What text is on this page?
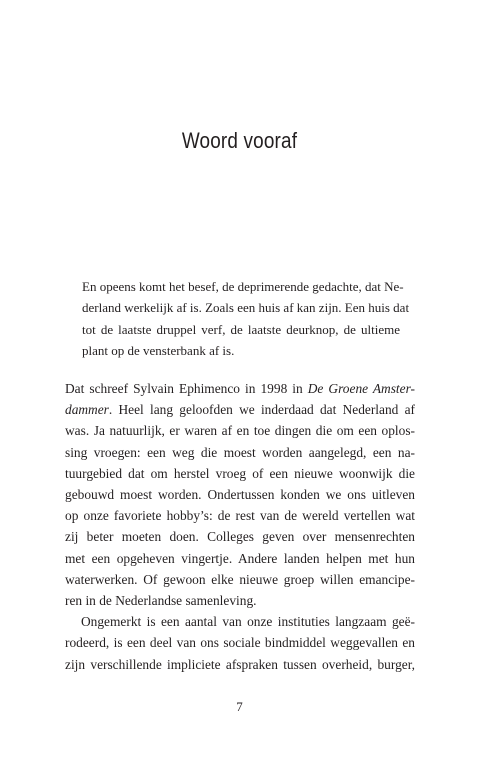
Woord vooraf
En opeens komt het besef, de deprimerende gedachte, dat Ne-
derland werkelijk af is. Zoals een huis af kan zijn. Een huis dat
tot de laatste druppel verf, de laatste deurknop, de ultieme
plant op de vensterbank af is.
Dat schreef Sylvain Ephimenco in 1998 in De Groene Amster-
dammer. Heel lang geloofden we inderdaad dat Nederland af
was. Ja natuurlijk, er waren af en toe dingen die om een oplos-
sing vroegen: een weg die moest worden aangelegd, een na-
tuurgebied dat om herstel vroeg of een nieuwe woonwijk die
gebouwd moest worden. Ondertussen konden we ons uitleven
op onze favoriete hobby’s: de rest van de wereld vertellen wat
zij beter moeten doen. Colleges geven over mensenrechten
met een opgeheven vingertje. Andere landen helpen met hun
waterwerken. Of gewoon elke nieuwe groep willen emancipe-
ren in de Nederlandse samenleving.
Ongemerkt is een aantal van onze instituties langzaam geë-
rodeerd, is een deel van ons sociale bindmiddel weggevallen en
zijn verschillende impliciete afspraken tussen overheid, burger,
7
